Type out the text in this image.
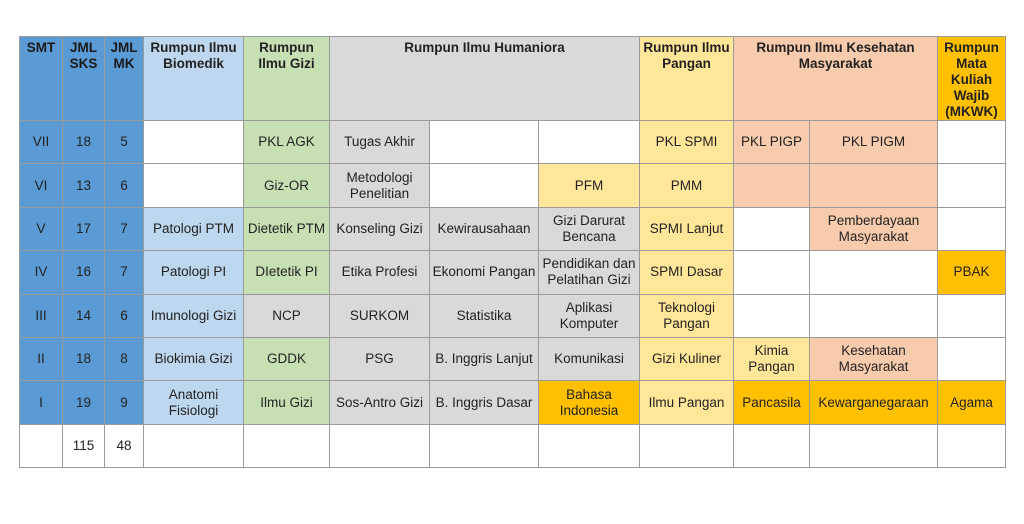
SMT	JML SKS	JML MK	Rumpun Ilmu Biomedik	Rumpun Ilmu Gizi	Rumpun Ilmu Humaniora			Rumpun Ilmu Pangan	Rumpun Ilmu Kesehatan Masyarakat		Rumpun Mata Kuliah Wajib (MKWK)
VII	18	5		PKL AGK	Tugas Akhir			PKL SPMI	PKL PIGP	PKL PIGM	
VI	13	6		Giz-OR	Metodologi Penelitian		PFM	PMM			
V	17	7	Patologi PTM	Dietetik PTM	Konseling Gizi	Kewirausahaan	Gizi Darurat Bencana	SPMI Lanjut		Pemberdayaan Masyarakat	
IV	16	7	Patologi PI	DIetetik PI	Etika Profesi	Ekonomi Pangan	Pendidikan dan Pelatihan Gizi	SPMI Dasar			PBAK
III	14	6	Imunologi Gizi	NCP	SURKOM	Statistika	Aplikasi Komputer	Teknologi Pangan			
II	18	8	Biokimia Gizi	GDDK	PSG	B. Inggris Lanjut	Komunikasi	Gizi Kuliner	Kimia Pangan	Kesehatan Masyarakat	
I	19	9	Anatomi Fisiologi	Ilmu Gizi	Sos-Antro Gizi	B. Inggris Dasar	Bahasa Indonesia	Ilmu Pangan	Pancasila	Kewarganegaraan	Agama
	115	48									
